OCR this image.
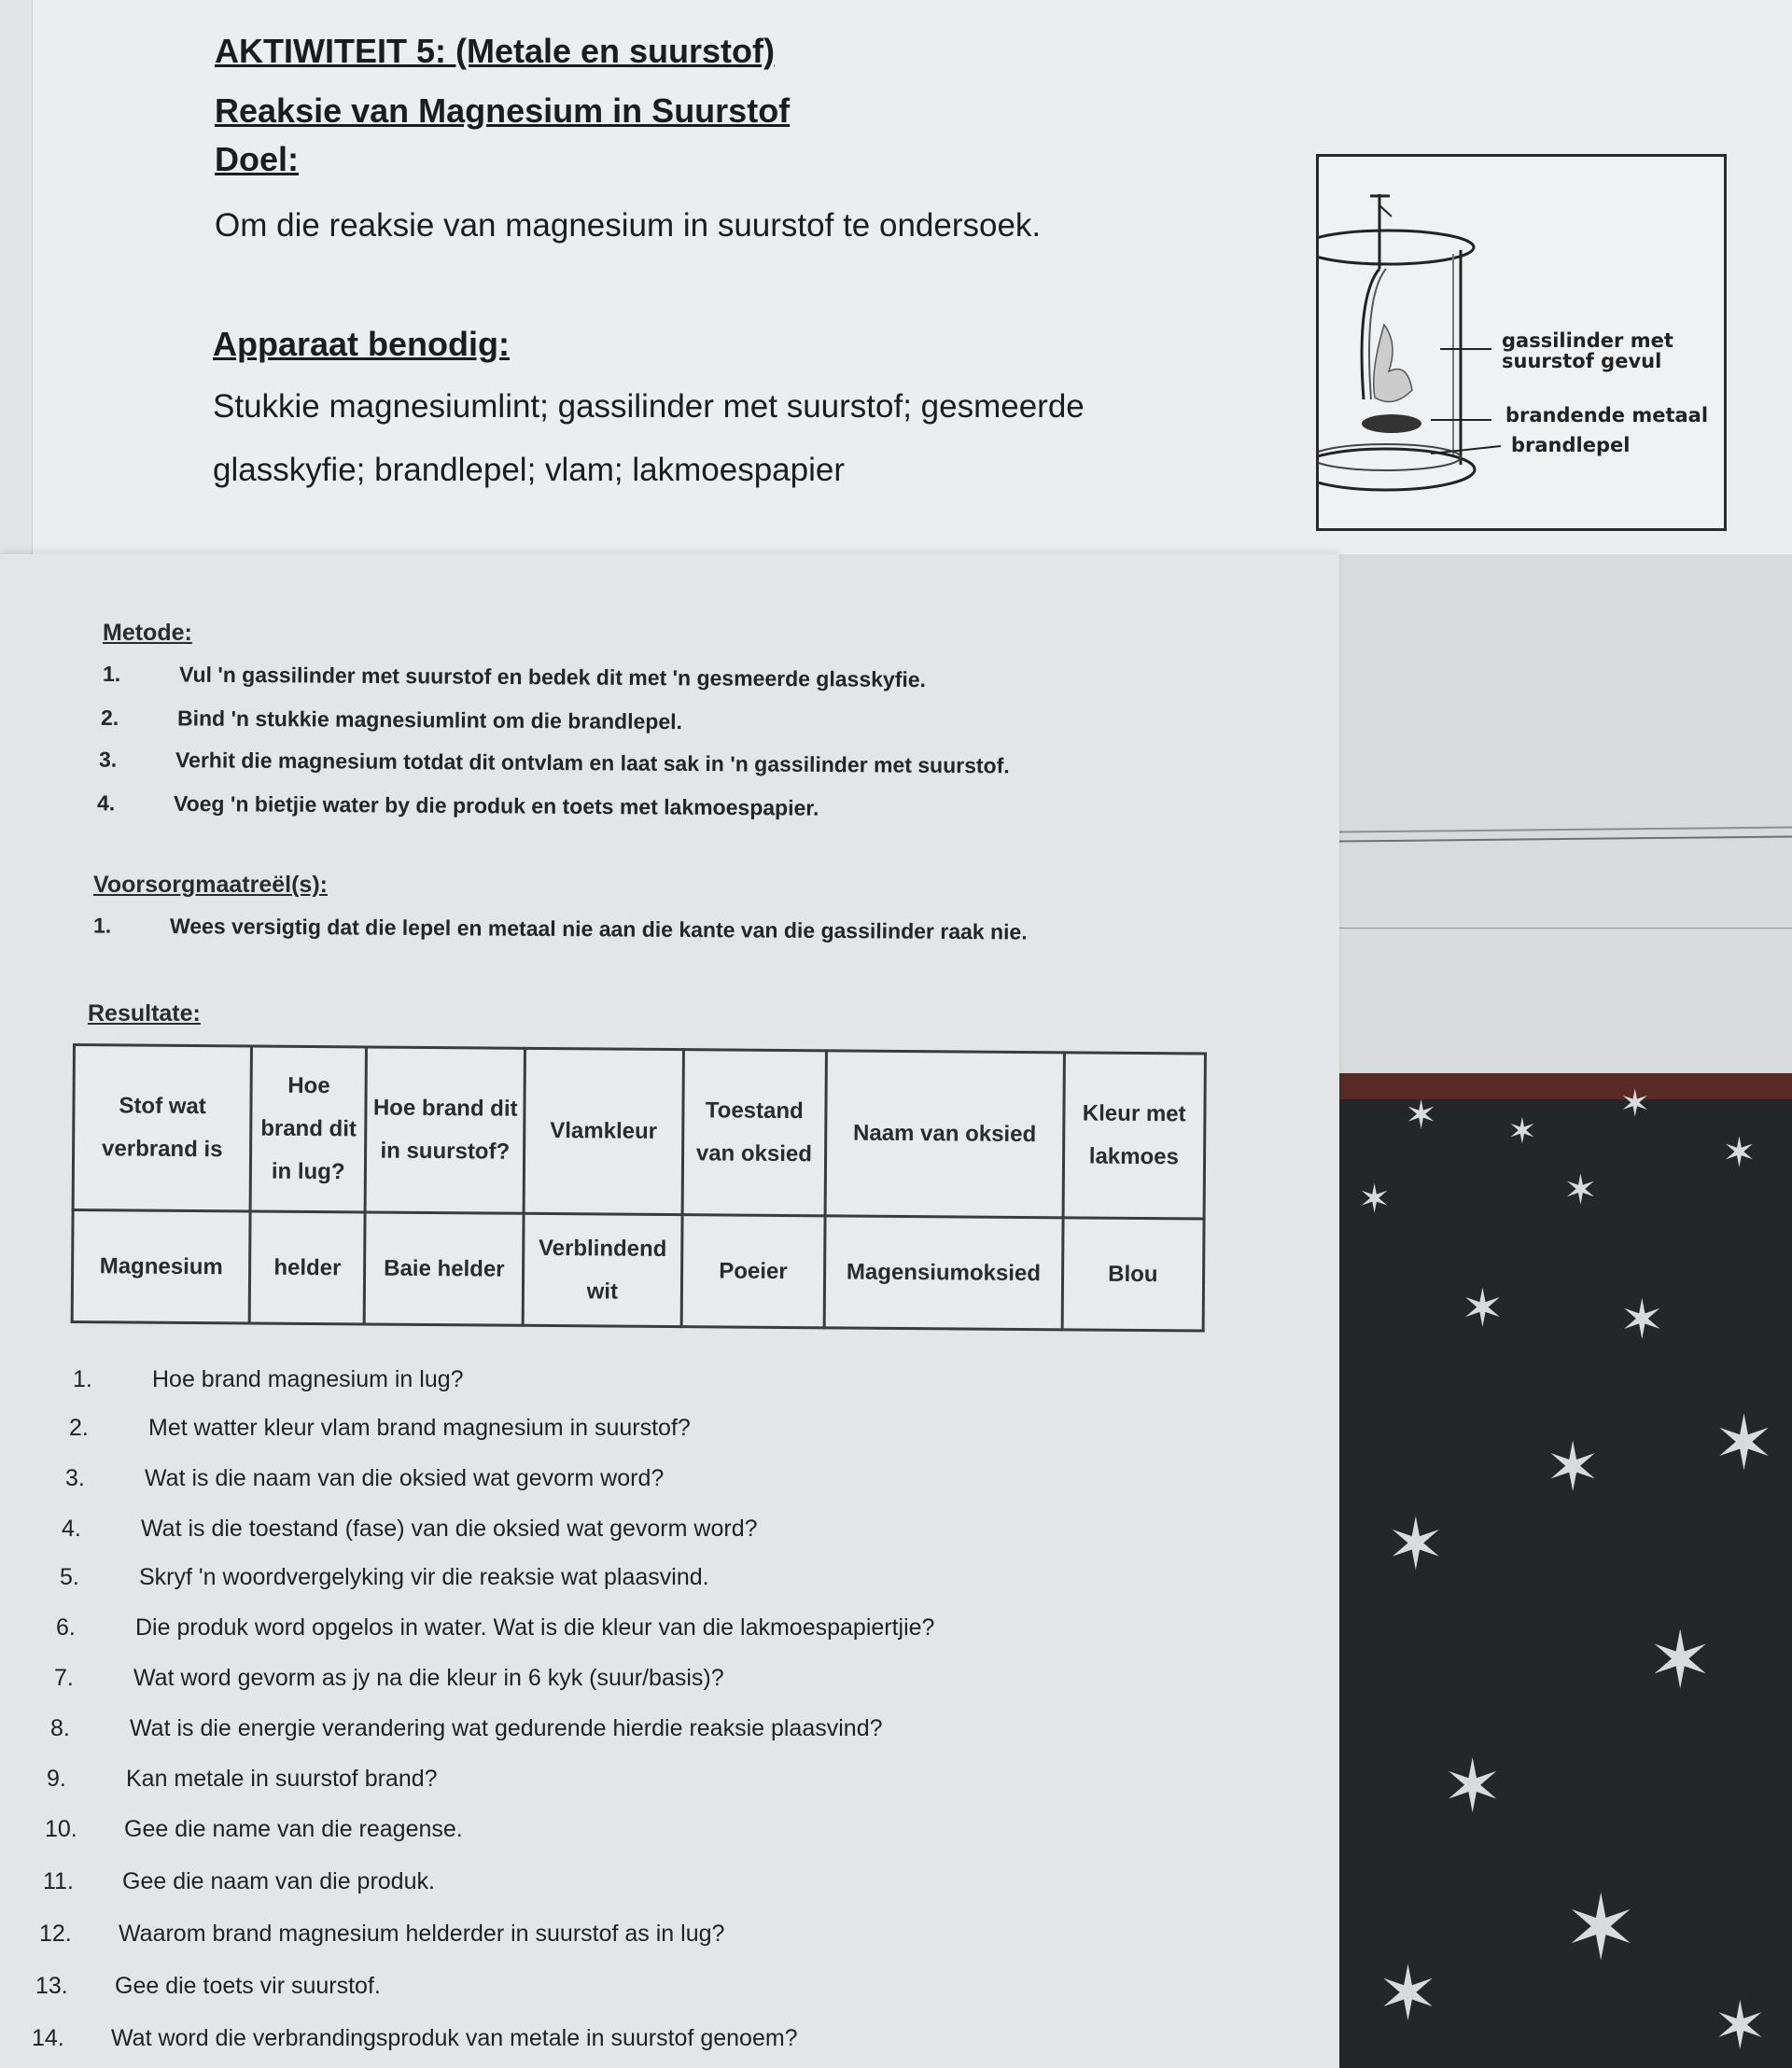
AKTIWITEIT 5: (Metale en suurstof)
Reaksie van Magnesium in Suurstof
Doel:

Om die reaksie van magnesium in suurstof te ondersoek.

Apparaat benodig:

Stukkie magnesiumlint; gassilinder met suurstof; gesmeerde

glasskyfie; brandlepel; vlam; lakmoespapier

gassilinder met
suurstof gevul
brandende metaal
brandlepel
✶ ✶
✶
✶
✶	✶
✶ ✶
✶ ✶
✶
✶
✶
✶
✶	✶
Metode:
1.	Vul 'n gassilinder met suurstof en bedek dit met 'n gesmeerde glasskyfie.
2.	Bind 'n stukkie magnesiumlint om die brandlepel.
3.	Verhit die magnesium totdat dit ontvlam en laat sak in 'n gassilinder met suurstof.
4.	Voeg 'n bietjie water by die produk en toets met lakmoespapier.
Voorsorgmaatreël(s):
1.	Wees versigtig dat die lepel en metaal nie aan die kante van die gassilinder raak nie.
Resultate:
Stof wat verbrand is	Hoe brand dit in lug?	Hoe brand dit in suurstof?	Vlamkleur	Toestand van oksied	Naam van oksied	Kleur met lakmoes
Magnesium	helder	Baie helder	Verblindend wit	Poeier	Magensiumoksied	Blou
1.	Hoe brand magnesium in lug?
2.	Met watter kleur vlam brand magnesium in suurstof?
3.	Wat is die naam van die oksied wat gevorm word?
4.	Wat is die toestand (fase) van die oksied wat gevorm word?
5.	Skryf 'n woordvergelyking vir die reaksie wat plaasvind.
6.	Die produk word opgelos in water. Wat is die kleur van die lakmoespapiertjie?
7.	Wat word gevorm as jy na die kleur in 6 kyk (suur/basis)?
8.	Wat is die energie verandering wat gedurende hierdie reaksie plaasvind?
9.	Kan metale in suurstof brand?
10. Gee die name van die reagense.
11. Gee die naam van die produk.
12. Waarom brand magnesium helderder in suurstof as in lug?
13. Gee die toets vir suurstof.
14. Wat word die verbrandingsproduk van metale in suurstof genoem?
